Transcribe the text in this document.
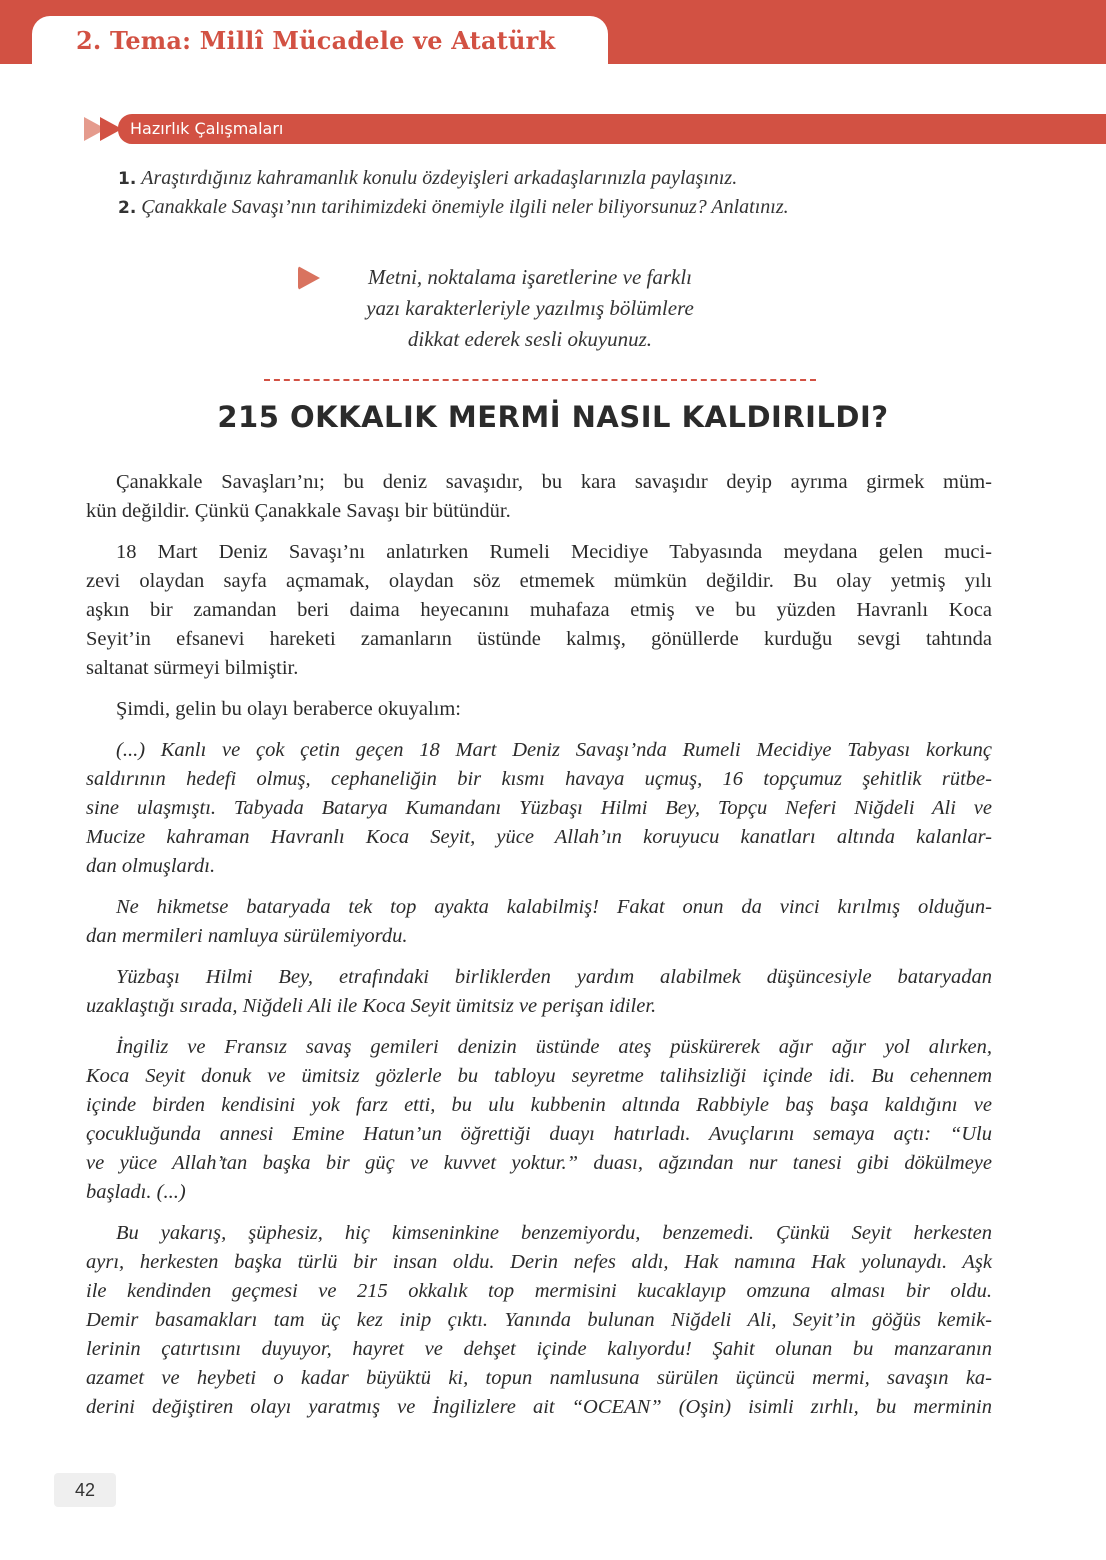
2. Tema: Millî Mücadele ve Atatürk
Hazırlık Çalışmaları
1. Araştırdığınız kahramanlık konulu özdeyişleri arkadaşlarınızla paylaşınız.
2. Çanakkale Savaşı’nın tarihimizdeki önemiyle ilgili neler biliyorsunuz? Anlatınız.
Metni, noktalama işaretlerine ve farklı
yazı karakterleriyle yazılmış bölümlere
dikkat ederek sesli okuyunuz.
215 OKKALIK MERMİ NASIL KALDIRILDI?
Çanakkale Savaşları’nı; bu deniz savaşıdır, bu kara savaşıdır deyip ayrıma girmek müm-
kün değildir. Çünkü Çanakkale Savaşı bir bütündür.
18 Mart Deniz Savaşı’nı anlatırken Rumeli Mecidiye Tabyasında meydana gelen muci-
zevi olaydan sayfa açmamak, olaydan söz etmemek mümkün değildir. Bu olay yetmiş yılı
aşkın bir zamandan beri daima heyecanını muhafaza etmiş ve bu yüzden Havranlı Koca
Seyit’in efsanevi hareketi zamanların üstünde kalmış, gönüllerde kurduğu sevgi tahtında
saltanat sürmeyi bilmiştir.
Şimdi, gelin bu olayı beraberce okuyalım:
(...) Kanlı ve çok çetin geçen 18 Mart Deniz Savaşı’nda Rumeli Mecidiye Tabyası korkunç
saldırının hedefi olmuş, cephaneliğin bir kısmı havaya uçmuş, 16 topçumuz şehitlik rütbe-
sine ulaşmıştı. Tabyada Batarya Kumandanı Yüzbaşı Hilmi Bey, Topçu Neferi Niğdeli Ali ve
Mucize kahraman Havranlı Koca Seyit, yüce Allah’ın koruyucu kanatları altında kalanlar-
dan olmuşlardı.
Ne hikmetse bataryada tek top ayakta kalabilmiş! Fakat onun da vinci kırılmış olduğun-
dan mermileri namluya sürülemiyordu.
Yüzbaşı Hilmi Bey, etrafındaki birliklerden yardım alabilmek düşüncesiyle bataryadan
uzaklaştığı sırada, Niğdeli Ali ile Koca Seyit ümitsiz ve perişan idiler.
İngiliz ve Fransız savaş gemileri denizin üstünde ateş püskürerek ağır ağır yol alırken,
Koca Seyit donuk ve ümitsiz gözlerle bu tabloyu seyretme talihsizliği içinde idi. Bu cehennem
içinde birden kendisini yok farz etti, bu ulu kubbenin altında Rabbiyle baş başa kaldığını ve
çocukluğunda annesi Emine Hatun’un öğrettiği duayı hatırladı. Avuçlarını semaya açtı: “Ulu
ve yüce Allah’tan başka bir güç ve kuvvet yoktur.” duası, ağzından nur tanesi gibi dökülmeye
başladı. (...)
Bu yakarış, şüphesiz, hiç kimseninkine benzemiyordu, benzemedi. Çünkü Seyit herkesten
ayrı, herkesten başka türlü bir insan oldu. Derin nefes aldı, Hak namına Hak yolunaydı. Aşk
ile kendinden geçmesi ve 215 okkalık top mermisini kucaklayıp omzuna alması bir oldu.
Demir basamakları tam üç kez inip çıktı. Yanında bulunan Niğdeli Ali, Seyit’in göğüs kemik-
lerinin çatırtısını duyuyor, hayret ve dehşet içinde kalıyordu! Şahit olunan bu manzaranın
azamet ve heybeti o kadar büyüktü ki, topun namlusuna sürülen üçüncü mermi, savaşın ka-
derini değiştiren olayı yaratmış ve İngilizlere ait “OCEAN” (Oşin) isimli zırhlı, bu merminin
42
